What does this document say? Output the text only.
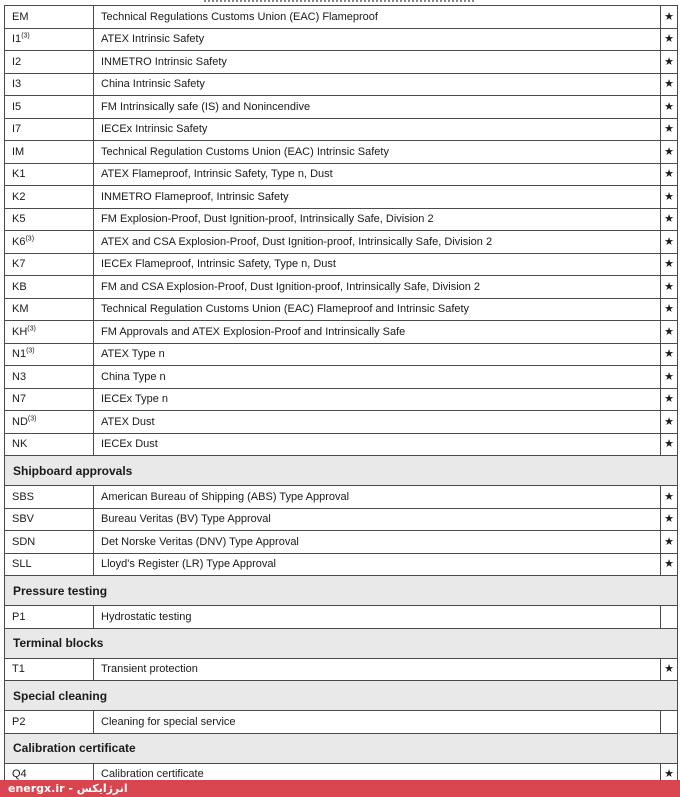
EM	Technical Regulations Customs Union (EAC) Flameproof	★
I1$^{(3)}$	ATEX Intrinsic Safety	★
I2	INMETRO Intrinsic Safety	★
I3	China Intrinsic Safety	★
I5	FM Intrinsically safe (IS) and Nonincendive	★
I7	IECEx Intrinsic Safety	★
IM	Technical Regulation Customs Union (EAC) Intrinsic Safety	★
K1	ATEX Flameproof, Intrinsic Safety, Type n, Dust	★
K2	INMETRO Flameproof, Intrinsic Safety	★
K5	FM Explosion-Proof, Dust Ignition-proof, Intrinsically Safe, Division 2	★
K6$^{(3)}$	ATEX and CSA Explosion-Proof, Dust Ignition-proof, Intrinsically Safe, Division 2	★
K7	IECEx Flameproof, Intrinsic Safety, Type n, Dust	★
KB	FM and CSA Explosion-Proof, Dust Ignition-proof, Intrinsically Safe, Division 2	★
KM	Technical Regulation Customs Union (EAC) Flameproof and Intrinsic Safety	★
KH$^{(3)}$	FM Approvals and ATEX Explosion-Proof and Intrinsically Safe	★
N1$^{(3)}$	ATEX Type n	★
N3	China Type n	★
N7	IECEx Type n	★
ND$^{(3)}$	ATEX Dust	★
NK	IECEx Dust	★
Shipboard approvals		
SBS	American Bureau of Shipping (ABS) Type Approval	★
SBV	Bureau Veritas (BV) Type Approval	★
SDN	Det Norske Veritas (DNV) Type Approval	★
SLL	Lloyd's Register (LR) Type Approval	★
Pressure testing		
P1	Hydrostatic testing	
Terminal blocks		
T1	Transient protection	★
Special cleaning		
P2	Cleaning for special service	
Calibration certificate		
Q4	Calibration certificate	★
energx.ir - انرژایکس
